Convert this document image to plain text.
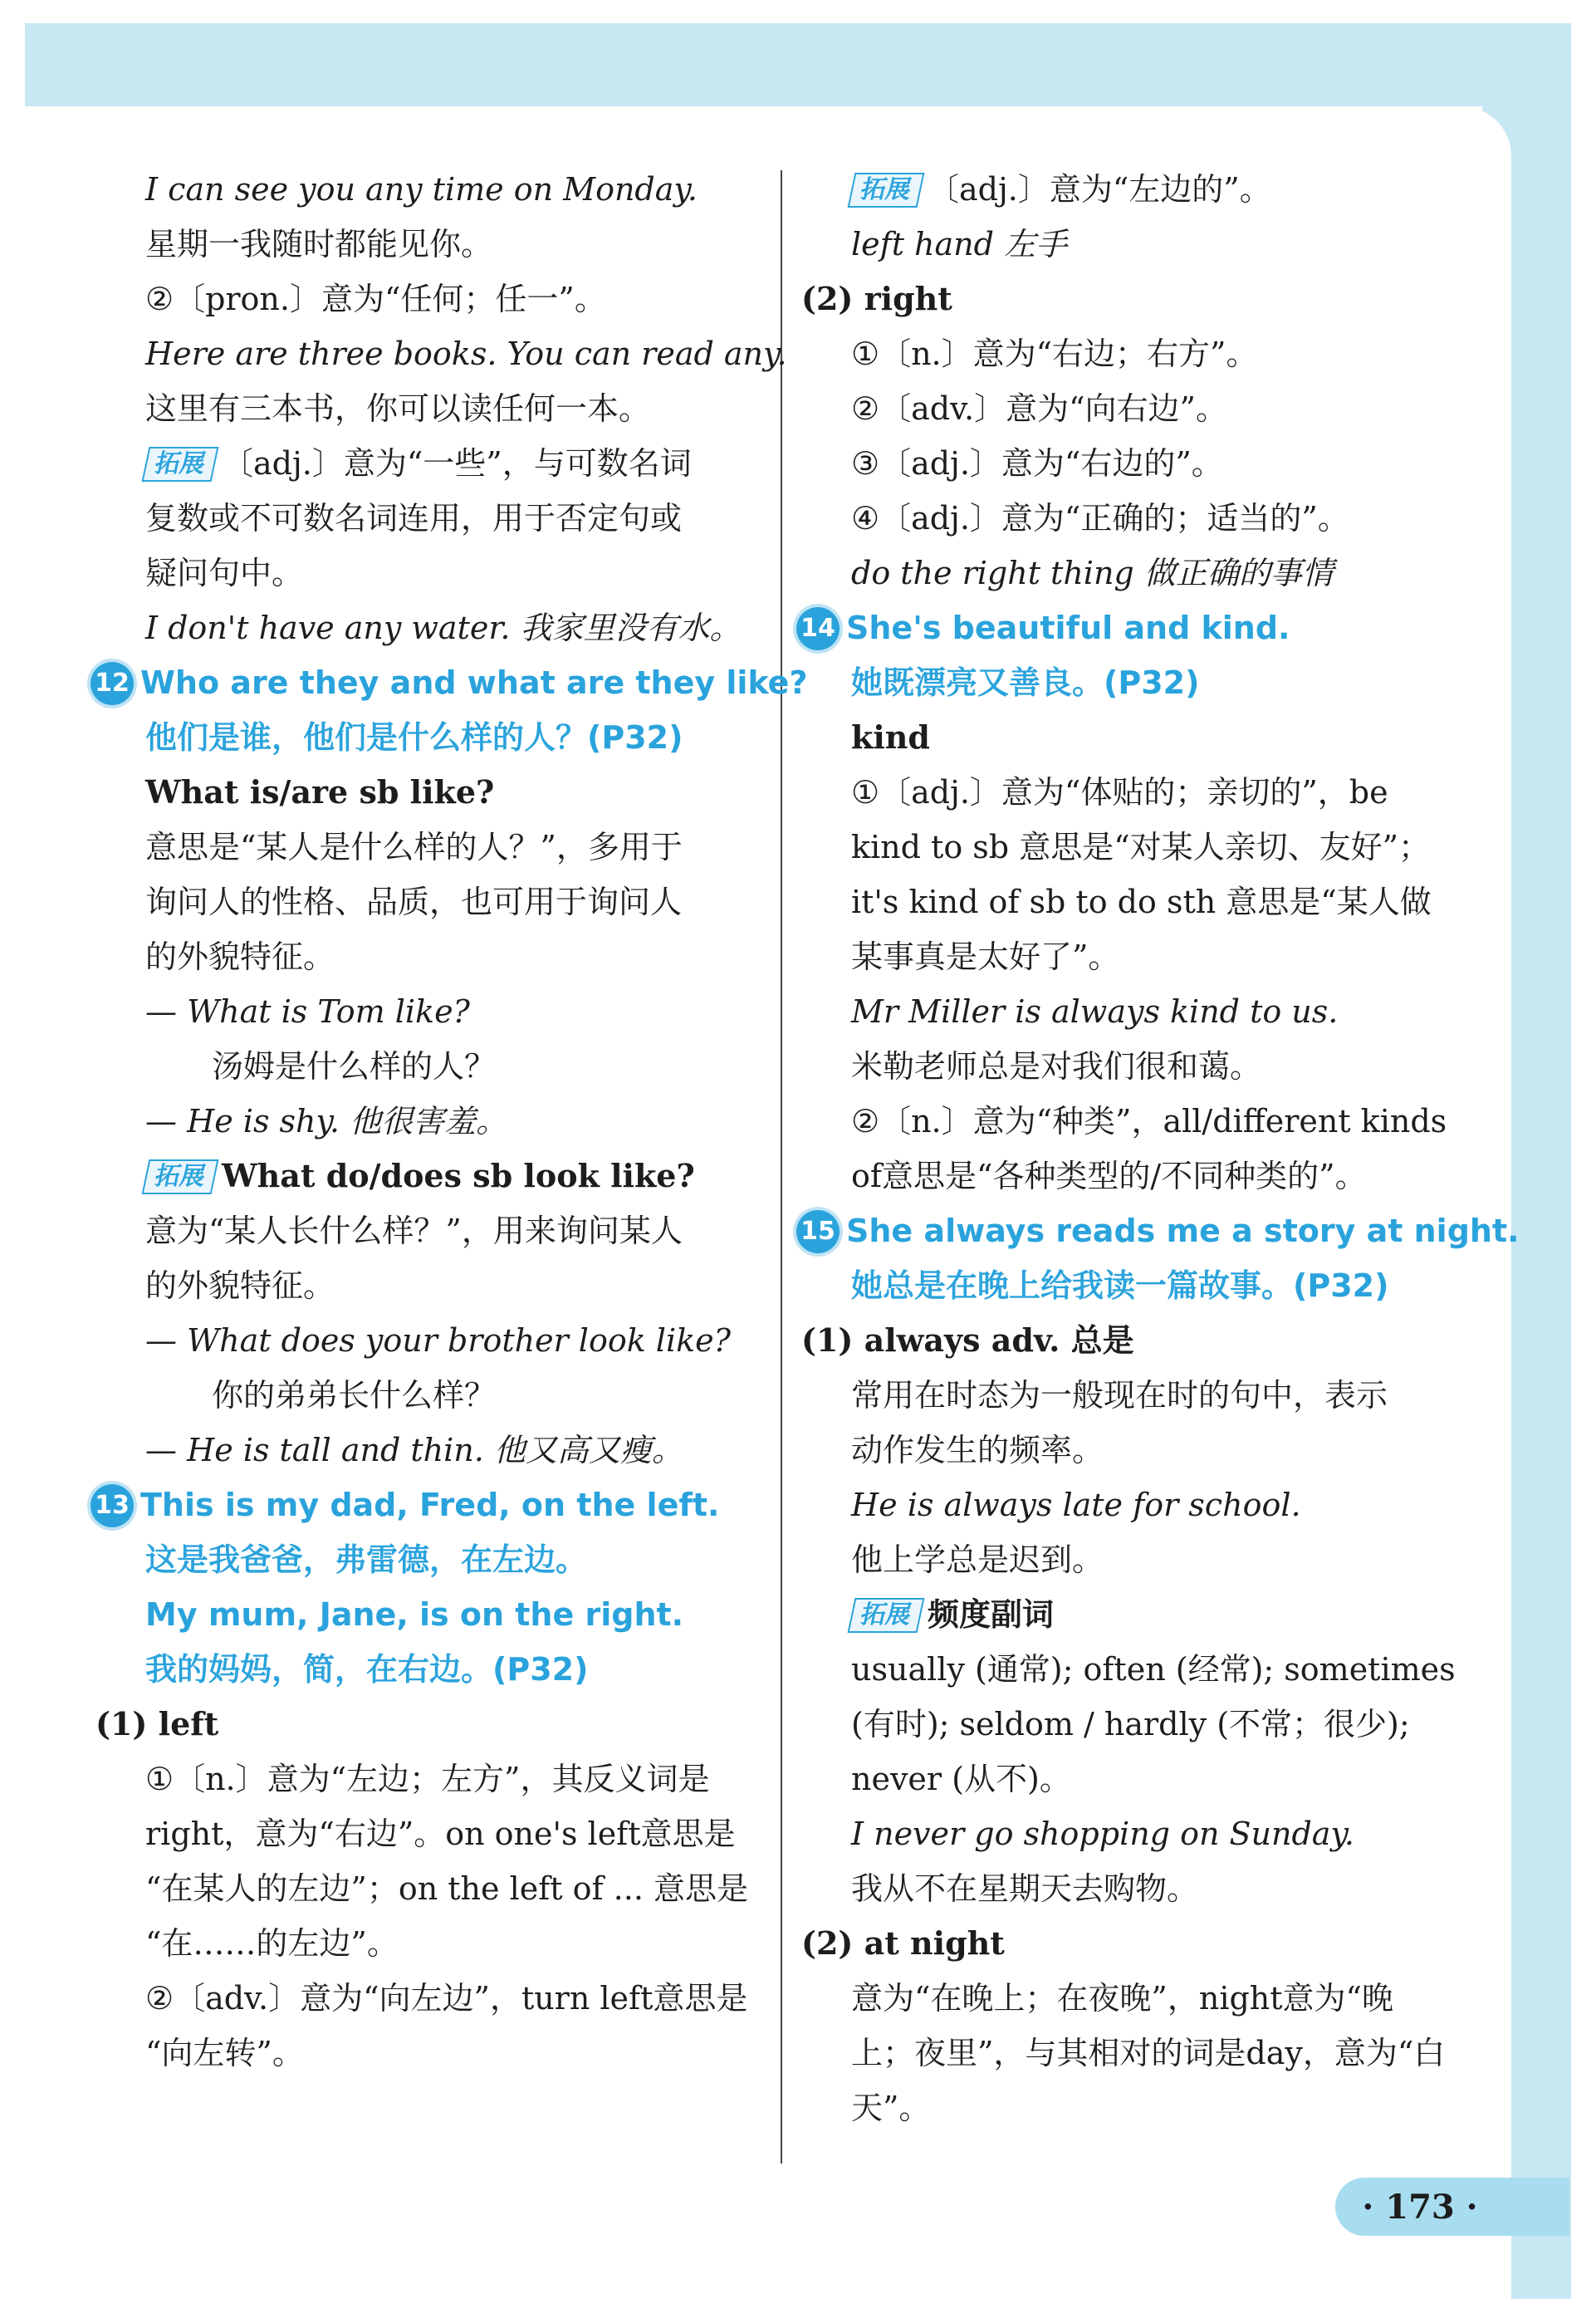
I can see you any time on Monday.
星期一我随时都能见你。
②〔pron.〕意为“任何；任一”。
Here are three books. You can read any.
这里有三本书，你可以读任何一本。
拓展 〔adj.〕意为“一些”，与可数名词
复数或不可数名词连用，用于否定句或
疑问句中。
I don't have any water. 我家里没有水。
12 Who are they and what are they like?
他们是谁，他们是什么样的人？(P32)
What is/are sb like?
意思是“某人是什么样的人？”，多用于
询问人的性格、品质，也可用于询问人
的外貌特征。
— What is Tom like?
汤姆是什么样的人？
— He is shy. 他很害羞。
拓展 What do/does sb look like?
意为“某人长什么样？”，用来询问某人
的外貌特征。
— What does your brother look like?
你的弟弟长什么样？
— He is tall and thin. 他又高又瘦。
13 This is my dad, Fred, on the left.
这是我爸爸，弗雷德，在左边。
My mum, Jane, is on the right.
我的妈妈，简，在右边。(P32)
(1) left
①〔n.〕意为“左边；左方”，其反义词是
right，意为“右边”。on one's left意思是
“在某人的左边”；on the left of ... 意思是
“在……的左边”。
②〔adv.〕意为“向左边”，turn left意思是
“向左转”。
拓展 〔adj.〕意为“左边的”。
left hand 左手
(2) right
①〔n.〕意为“右边；右方”。
②〔adv.〕意为“向右边”。
③〔adj.〕意为“右边的”。
④〔adj.〕意为“正确的；适当的”。
do the right thing 做正确的事情
14 She's beautiful and kind.
她既漂亮又善良。(P32)
kind
①〔adj.〕意为“体贴的；亲切的”，be
kind to sb 意思是“对某人亲切、友好”；
it's kind of sb to do sth 意思是“某人做
某事真是太好了”。
Mr Miller is always kind to us.
米勒老师总是对我们很和蔼。
②〔n.〕意为“种类”，all/different kinds
of意思是“各种类型的/不同种类的”。
15 She always reads me a story at night.
她总是在晚上给我读一篇故事。(P32)
(1) always adv. 总是
常用在时态为一般现在时的句中，表示
动作发生的频率。
He is always late for school.
他上学总是迟到。
拓展 频度副词
usually (通常); often (经常); sometimes
(有时); seldom / hardly (不常；很少);
never (从不)。
I never go shopping on Sunday.
我从不在星期天去购物。
(2) at night
意为“在晚上；在夜晚”，night意为“晚
上；夜里”，与其相对的词是day，意为“白
天”。
· 173 ·
